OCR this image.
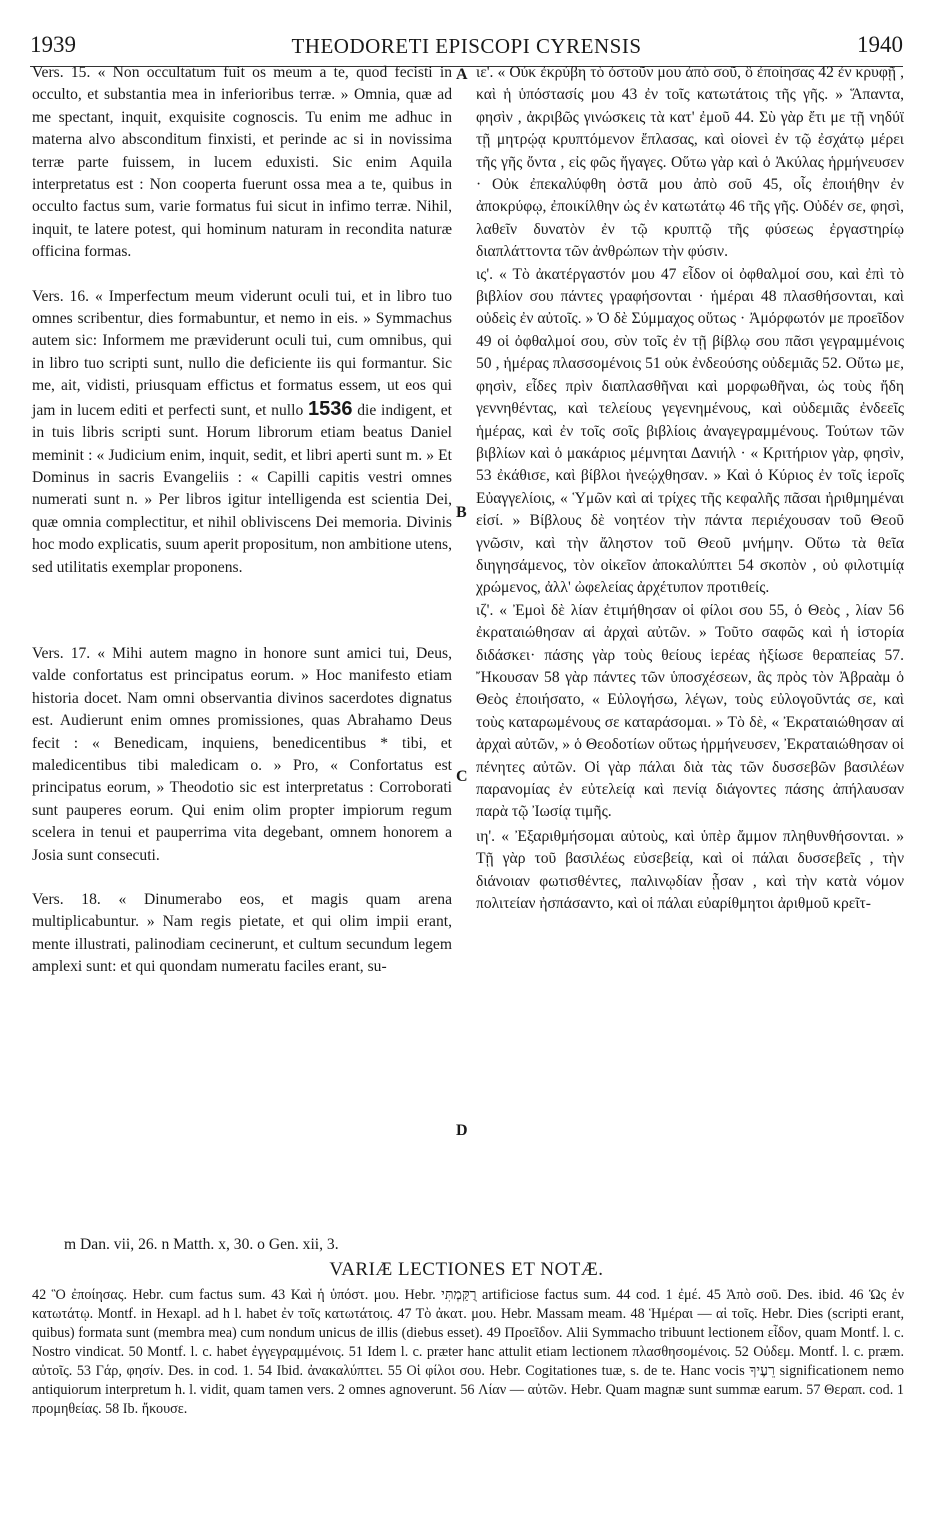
1939	THEODORETI EPISCOPI CYRENSIS	1940

Vers. 15. « Non occultatum fuit os meum a te, quod fecisti in occulto, et substantia mea in inferioribus terræ. » Omnia, quæ ad me spectant, inquit, exquisite cognoscis. Tu enim me adhuc in materna alvo absconditum finxisti, et perinde ac si in novissima terræ parte fuissem, in lucem eduxisti. Sic enim Aquila interpretatus est : Non cooperta fuerunt ossa mea a te, quibus in occulto factus sum, varie formatus fui sicut in infimo terræ. Nihil, inquit, te latere potest, qui hominum naturam in recondita naturæ officina formas.

Vers. 16. « Imperfectum meum viderunt oculi tui, et in libro tuo omnes scribentur, dies formabuntur, et nemo in eis. » Symmachus autem sic: Informem me præviderunt oculi tui, cum omnibus, qui in libro tuo scripti sunt, nullo die deficiente iis qui formantur. Sic me, ait, vidisti, priusquam effictus et formatus essem, ut eos qui jam in lucem editi et perfecti sunt, et nullo 1536 die indigent, et in tuis libris scripti sunt. Horum librorum etiam beatus Daniel meminit : « Judicium enim, inquit, sedit, et libri aperti sunt m. » Et Dominus in sacris Evangeliis : « Capilli capitis vestri omnes numerati sunt n. » Per libros igitur intelligenda est scientia Dei, quæ omnia complectitur, et nihil obliviscens Dei memoria. Divinis hoc modo explicatis, suum aperit propositum, non ambitione utens, sed utilitatis exemplar proponens.

Vers. 17. « Mihi autem magno in honore sunt amici tui, Deus, valde confortatus est principatus eorum. » Hoc manifesto etiam historia docet. Nam omni observantia divinos sacerdotes dignatus est. Audierunt enim omnes promissiones, quas Abrahamo Deus fecit : « Benedicam, inquiens, benedicentibus * tibi, et maledicentibus tibi maledicam o. » Pro, « Confortatus est principatus eorum, » Theodotio sic est interpretatus : Corroborati sunt pauperes eorum. Qui enim olim propter impiorum regum scelera in tenui et pauperrima vita degebant, omnem honorem a Josia sunt consecuti.

Vers. 18. « Dinumerabo eos, et magis quam arena multiplicabuntur. » Nam regis pietate, et qui olim impii erant, mente illustrati, palinodiam cecinerunt, et cultum secundum legem amplexi sunt: et qui quondam numeratu faciles erant, su-

ιε'. « Οὐκ ἐκρύβη τὸ ὀστοῦν μου ἀπὸ σοῦ, ὃ ἐποίησας 42 ἐν κρυφῇ , καὶ ἡ ὑπόστασίς μου 43 ἐν τοῖς κατωτάτοις τῆς γῆς. » Ἅπαντα, φησὶν , ἀκριβῶς γινώσκεις τὰ κατ' ἐμοῦ 44. Σὺ γὰρ ἔτι με τῇ νηδύϊ τῇ μητρῴᾳ κρυπτόμενον ἔπλασας, καὶ οἱονεὶ ἐν τῷ ἐσχάτῳ μέρει τῆς γῆς ὄντα , εἰς φῶς ἤγαγες. Οὕτω γὰρ καὶ ὁ Ἀκύλας ἡρμήνευσεν · Οὐκ ἐπεκαλύφθη ὀστᾶ μου ἀπὸ σοῦ 45, οἷς ἐποιήθην ἐν ἀποκρύφῳ, ἐποικίλθην ὡς ἐν κατωτάτῳ 46 τῆς γῆς. Οὐδέν σε, φησὶ, λαθεῖν δυνατὸν ἐν τῷ κρυπτῷ τῆς φύσεως ἐργαστηρίῳ διαπλάττοντα τῶν ἀνθρώπων τὴν φύσιν.

ις'. « Τὸ ἀκατέργαστόν μου 47 εἶδον οἱ ὀφθαλμοί σου, καὶ ἐπὶ τὸ βιβλίον σου πάντες γραφήσονται · ἡμέραι 48 πλασθήσονται, καὶ οὐδεὶς ἐν αὐτοῖς. » Ὁ δὲ Σύμμαχος οὕτως · Ἀμόρφωτόν με προεῖδον 49 οἱ ὀφθαλμοί σου, σὺν τοῖς ἐν τῇ βίβλῳ σου πᾶσι γεγραμμένοις 50 , ἡμέρας πλασσομένοις 51 οὐκ ἐνδεούσης οὐδεμιᾶς 52. Οὕτω με, φησὶν, εἶδες πρὶν διαπλασθῆναι καὶ μορφωθῆναι, ὡς τοὺς ἤδη γεννηθέντας, καὶ τελείους γεγενημένους, καὶ οὐδεμιᾶς ἐνδεεῖς ἡμέρας, καὶ ἐν τοῖς σοῖς βιβλίοις ἀναγεγραμμένους. Τούτων τῶν βιβλίων καὶ ὁ μακάριος μέμνηται Δανιήλ · « Κριτήριον γὰρ, φησὶν, 53 ἐκάθισε, καὶ βίβλοι ἠνεῴχθησαν. » Καὶ ὁ Κύριος ἐν τοῖς ἱεροῖς Εὐαγγελίοις, « Ὑμῶν καὶ αἱ τρίχες τῆς κεφαλῆς πᾶσαι ἠριθμημέναι εἰσί. » Βίβλους δὲ νοητέον τὴν πάντα περιέχουσαν τοῦ Θεοῦ γνῶσιν, καὶ τὴν ἄληστον τοῦ Θεοῦ μνήμην. Οὕτω τὰ θεῖα διηγησάμενος, τὸν οἰκεῖον ἀποκαλύπτει 54 σκοπὸν , οὐ φιλοτιμίᾳ χρώμενος, ἀλλ' ὠφελείας ἀρχέτυπον προτιθείς.

ιζ'. « Ἐμοὶ δὲ λίαν ἐτιμήθησαν οἱ φίλοι σου 55, ὁ Θεὸς , λίαν 56 ἐκραταιώθησαν αἱ ἀρχαὶ αὐτῶν. » Τοῦτο σαφῶς καὶ ἡ ἱστορία διδάσκει· πάσης γὰρ τοὺς θείους ἱερέας ἠξίωσε θεραπείας 57. Ἤκουσαν 58 γὰρ πάντες τῶν ὑποσχέσεων, ἃς πρὸς τὸν Ἀβραὰμ ὁ Θεὸς ἐποιήσατο, « Εὐλογήσω, λέγων, τοὺς εὐλογοῦντάς σε, καὶ τοὺς καταρωμένους σε καταράσομαι. » Τὸ δὲ, « Ἐκραταιώθησαν αἱ ἀρχαὶ αὐτῶν, » ὁ Θεοδοτίων οὕτως ἡρμήνευσεν, Ἐκραταιώθησαν οἱ πένητες αὐτῶν. Οἱ γὰρ πάλαι διὰ τὰς τῶν δυσσεβῶν βασιλέων παρανομίας ἐν εὐτελείᾳ καὶ πενίᾳ διάγοντες πάσης ἀπήλαυσαν παρὰ τῷ Ἰωσίᾳ τιμῆς.

ιη'. « Ἐξαριθμήσομαι αὐτοὺς, καὶ ὑπὲρ ἄμμον πληθυνθήσονται. » Τῇ γὰρ τοῦ βασιλέως εὐσεβείᾳ, καὶ οἱ πάλαι δυσσεβεῖς , τὴν διάνοιαν φωτισθέντες, παλινῳδίαν ᾖσαν , καὶ τὴν κατὰ νόμον πολιτείαν ἠσπάσαντο, καὶ οἱ πάλαι εὐαρίθμητοι ἀριθμοῦ κρεῖτ-

A
B
C
D
m Dan. vii, 26. n Matth. x, 30. o Gen. xii, 3.
VARIÆ LECTIONES ET NOTÆ.

42 Ὃ ἐποίησας. Hebr. cum factus sum. 43 Καὶ ἡ ὑπόστ. μου. Hebr. רֻקַּמְתִּי artificiose factus sum. 44 cod. 1 ἐμέ. 45 Ἀπὸ σοῦ. Des. ibid. 46 Ὡς ἐν κατωτάτῳ. Montf. in Hexapl. ad h l. habet ἐν τοῖς κατωτάτοις. 47 Τὸ ἀκατ. μου. Hebr. Massam meam. 48 Ἡμέραι — αἱ τοῖς. Hebr. Dies (scripti erant, quibus) formata sunt (membra mea) cum nondum unicus de illis (diebus esset). 49 Προεῖδον. Alii Symmacho tribuunt lectionem εἶδον, quam Montf. l. c. Nostro vindicat. 50 Montf. l. c. habet ἐγγεγραμμένοις. 51 Idem l. c. præter hanc attulit etiam lectionem πλασθησομένοις. 52 Οὐδεμ. Montf. l. c. præm. αὐτοῖς. 53 Γάρ, φησίν. Des. in cod. 1. 54 Ibid. ἀνακαλύπτει. 55 Οἱ φίλοι σου. Hebr. Cogitationes tuæ, s. de te. Hanc vocis רֵעֶיךָ significationem nemo antiquiorum interpretum h. l. vidit, quam tamen vers. 2 omnes agnoverunt. 56 Λίαν — αὐτῶν. Hebr. Quam magnæ sunt summæ earum. 57 Θεραπ. cod. 1 προμηθείας. 58 Ib. ἤκουσε.
